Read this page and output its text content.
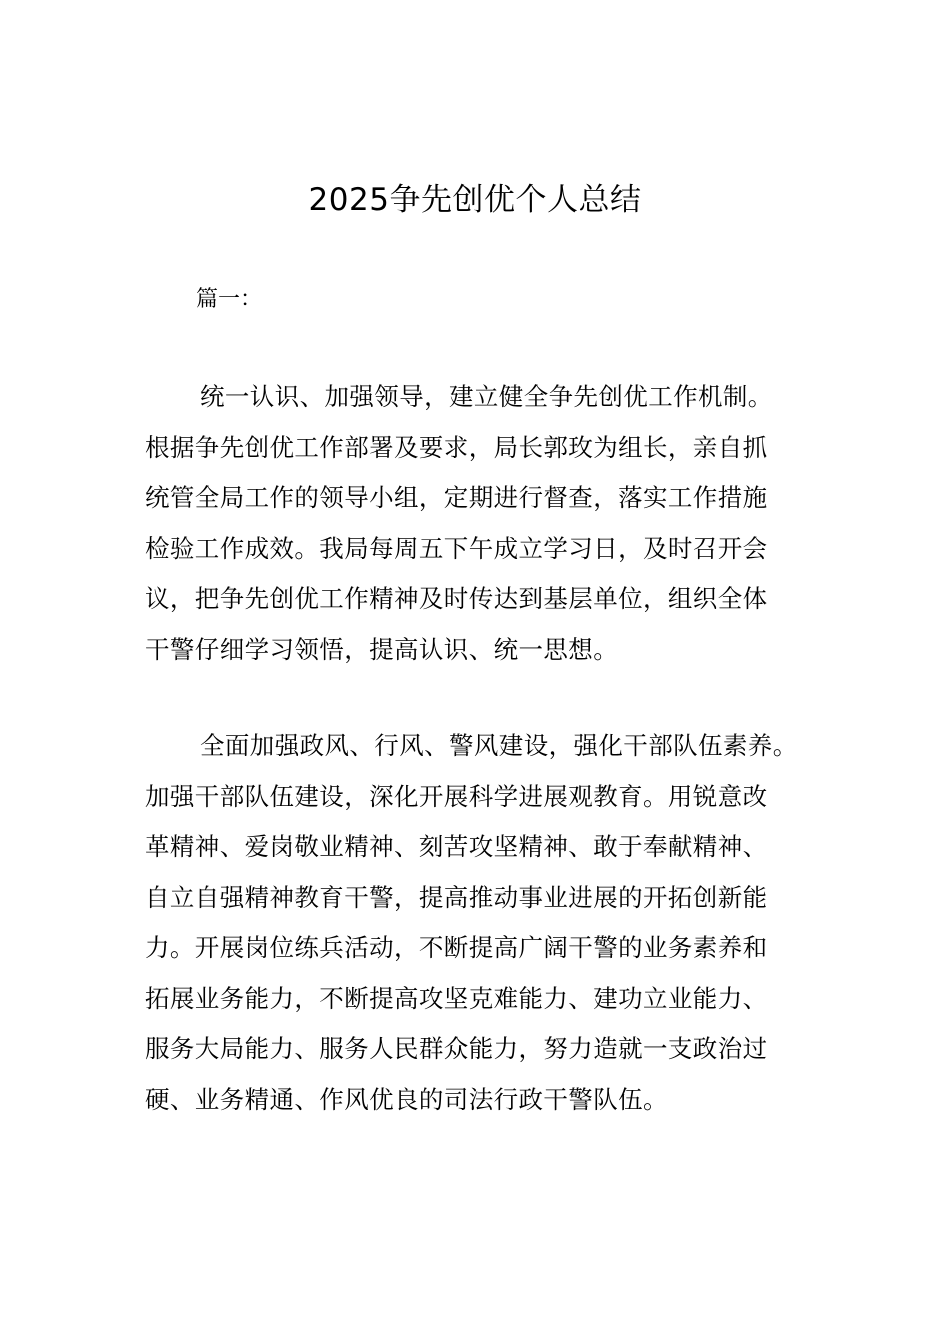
2025争先创优个人总结
篇一：
统一认识、加强领导，建立健全争先创优工作机制。
根据争先创优工作部署及要求，局长郭玫为组长，亲自抓
统管全局工作的领导小组，定期进行督查，落实工作措施
检验工作成效。我局每周五下午成立学习日，及时召开会
议，把争先创优工作精神及时传达到基层单位，组织全体
干警仔细学习领悟，提高认识、统一思想。
全面加强政风、行风、警风建设，强化干部队伍素养。
加强干部队伍建设，深化开展科学进展观教育。用锐意改
革精神、爱岗敬业精神、刻苦攻坚精神、敢于奉献精神、
自立自强精神教育干警，提高推动事业进展的开拓创新能
力。开展岗位练兵活动，不断提高广阔干警的业务素养和
拓展业务能力，不断提高攻坚克难能力、建功立业能力、
服务大局能力、服务人民群众能力，努力造就一支政治过
硬、业务精通、作风优良的司法行政干警队伍。
